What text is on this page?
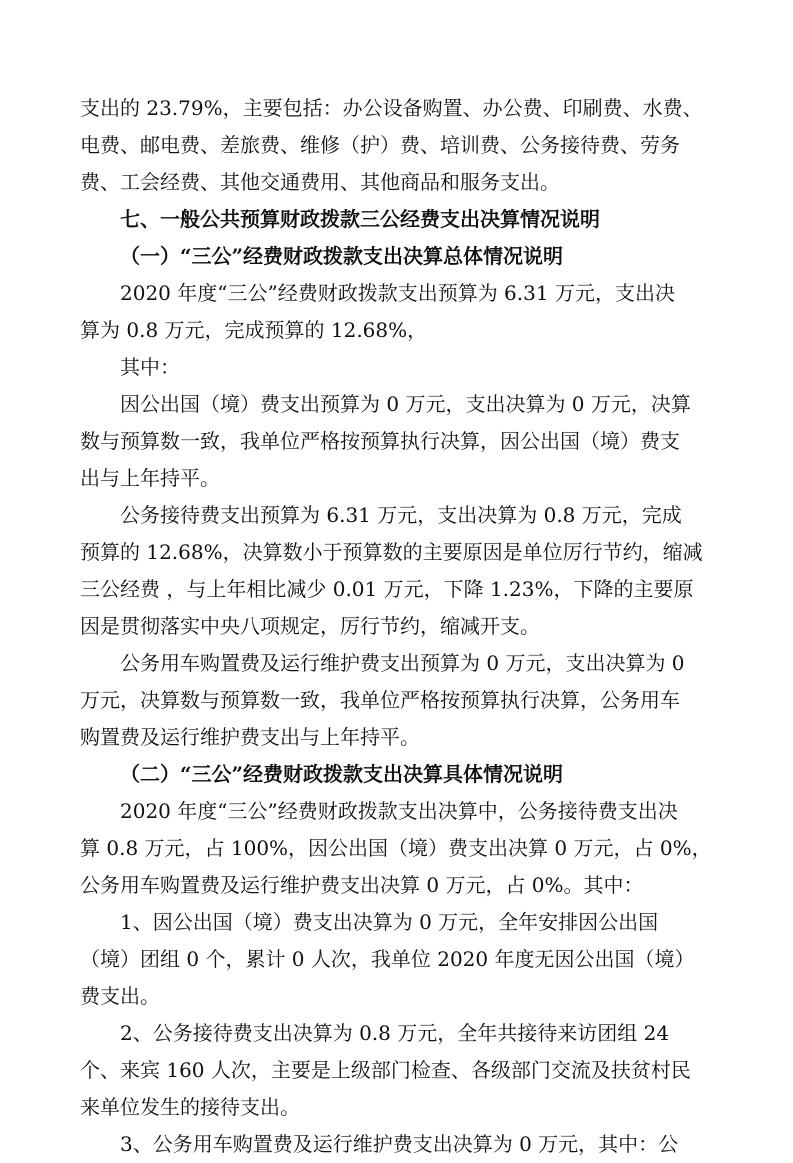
支出的 23.79%，主要包括：办公设备购置、办公费、印刷费、水费、
电费、邮电费、差旅费、维修（护）费、培训费、公务接待费、劳务
费、工会经费、其他交通费用、其他商品和服务支出。
七、一般公共预算财政拨款三公经费支出决算情况说明
（一）“三公”经费财政拨款支出决算总体情况说明
2020 年度“三公”经费财政拨款支出预算为 6.31 万元，支出决
算为 0.8 万元，完成预算的 12.68%，
其中：
因公出国（境）费支出预算为 0 万元，支出决算为 0 万元，决算
数与预算数一致，我单位严格按预算执行决算，因公出国（境）费支
出与上年持平。
公务接待费支出预算为 6.31 万元，支出决算为 0.8 万元，完成
预算的 12.68%，决算数小于预算数的主要原因是单位厉行节约，缩减
三公经费 ，与上年相比减少 0.01 万元，下降 1.23%，下降的主要原
因是贯彻落实中央八项规定，厉行节约，缩减开支。
公务用车购置费及运行维护费支出预算为 0 万元，支出决算为 0
万元，决算数与预算数一致，我单位严格按预算执行决算，公务用车
购置费及运行维护费支出与上年持平。
（二）“三公”经费财政拨款支出决算具体情况说明
2020 年度“三公”经费财政拨款支出决算中，公务接待费支出决
算 0.8 万元，占 100%，因公出国（境）费支出决算 0 万元，占 0%，
公务用车购置费及运行维护费支出决算 0 万元，占 0%。其中：
1、因公出国（境）费支出决算为 0 万元，全年安排因公出国
（境）团组 0 个，累计 0 人次，我单位 2020 年度无因公出国（境）
费支出。
2、公务接待费支出决算为 0.8 万元，全年共接待来访团组 24
个、来宾 160 人次，主要是上级部门检查、各级部门交流及扶贫村民
来单位发生的接待支出。
3、公务用车购置费及运行维护费支出决算为 0 万元，其中：公
